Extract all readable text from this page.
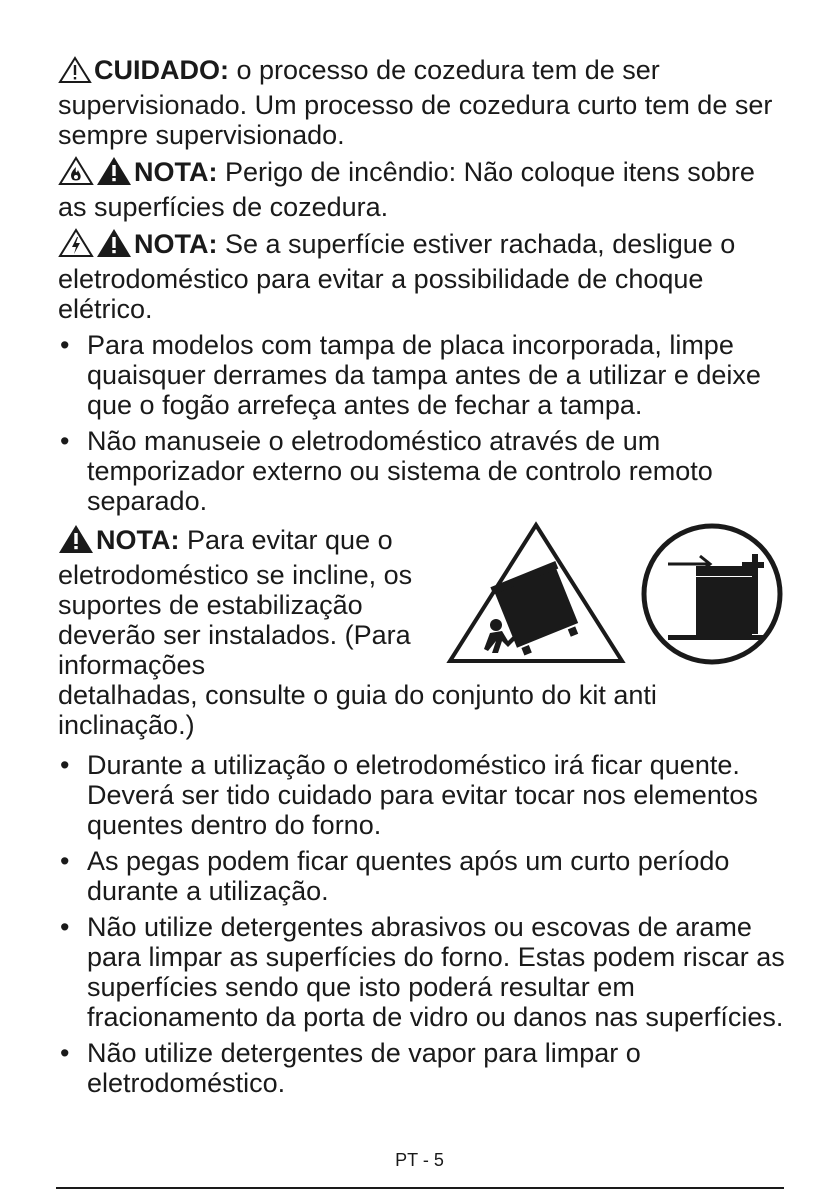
CUIDADO: o processo de cozedura tem de ser supervisionado. Um processo de cozedura curto tem de ser sempre supervisionado.

NOTA: Perigo de incêndio: Não coloque itens sobre as superfícies de cozedura.

NOTA: Se a superfície estiver rachada, desligue o eletrodoméstico para evitar a possibilidade de choque elétrico.

• Para modelos com tampa de placa incorporada, limpe quaisquer derrames da tampa antes de a utilizar e deixe que o fogão arrefeça antes de fechar a tampa.
• Não manuseie o eletrodoméstico através de um temporizador externo ou sistema de controlo remoto separado.
NOTA: Para evitar que o eletrodoméstico se incline, os suportes de estabilização deverão ser instalados. (Para informações
detalhadas, consulte o guia do conjunto do kit anti inclinação.)
• Durante a utilização o eletrodoméstico irá ficar quente. Deverá ser tido cuidado para evitar tocar nos elementos quentes dentro do forno.
• As pegas podem ficar quentes após um curto período durante a utilização.
• Não utilize detergentes abrasivos ou escovas de arame para limpar as superfícies do forno. Estas podem riscar as superfícies sendo que isto poderá resultar em fracionamento da porta de vidro ou danos nas superfícies.
• Não utilize detergentes de vapor para limpar o eletrodoméstico.
PT - 5
